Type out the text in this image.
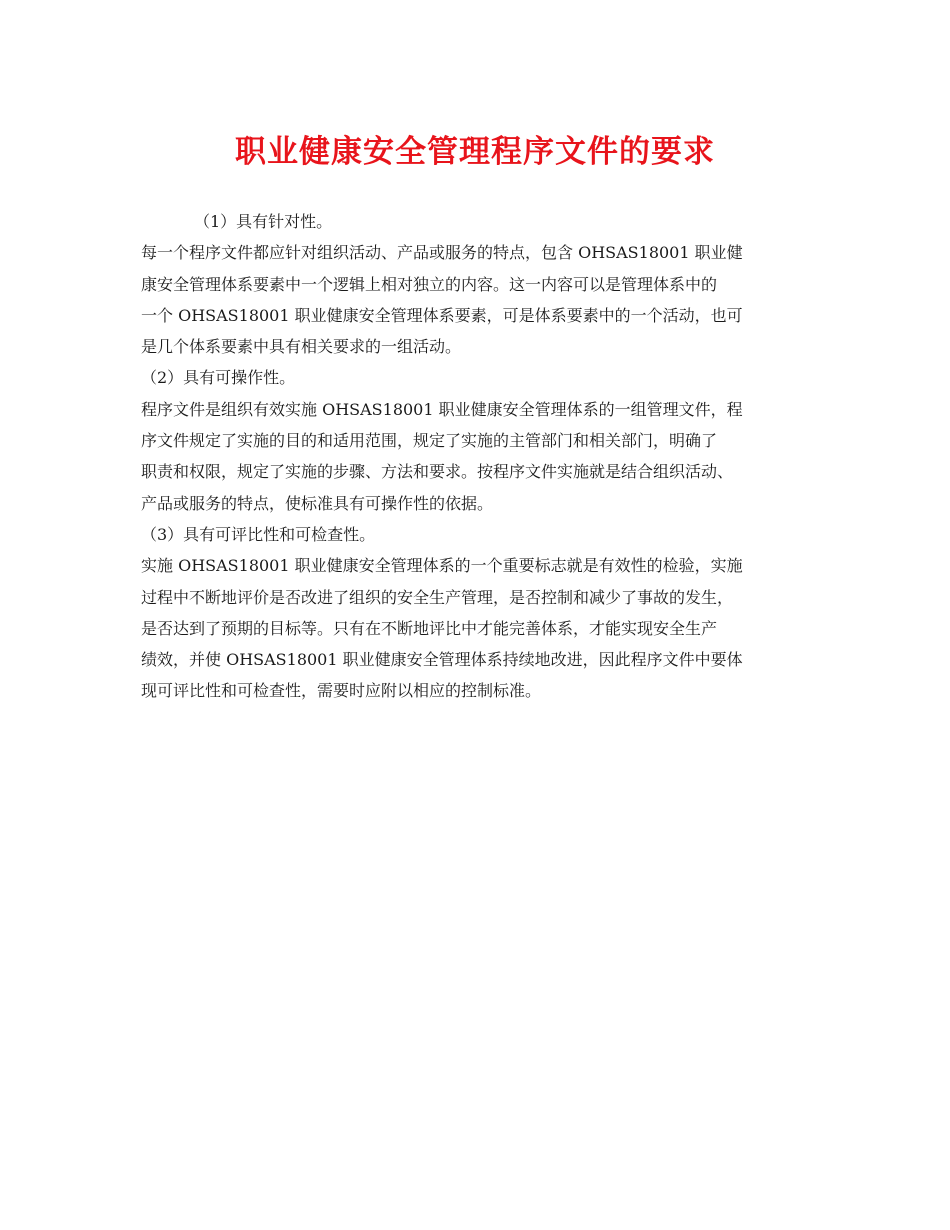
职业健康安全管理程序文件的要求
（1）具有针对性。
每一个程序文件都应针对组织活动、产品或服务的特点，包含 OHSAS18001 职业健
康安全管理体系要素中一个逻辑上相对独立的内容。这一内容可以是管理体系中的
一个 OHSAS18001 职业健康安全管理体系要素，可是体系要素中的一个活动，也可
是几个体系要素中具有相关要求的一组活动。
（2）具有可操作性。
程序文件是组织有效实施 OHSAS18001 职业健康安全管理体系的一组管理文件，程
序文件规定了实施的目的和适用范围，规定了实施的主管部门和相关部门，明确了
职责和权限，规定了实施的步骤、方法和要求。按程序文件实施就是结合组织活动、
产品或服务的特点，使标准具有可操作性的依据。
（3）具有可评比性和可检查性。
实施 OHSAS18001 职业健康安全管理体系的一个重要标志就是有效性的检验，实施
过程中不断地评价是否改进了组织的安全生产管理，是否控制和减少了事故的发生，
是否达到了预期的目标等。只有在不断地评比中才能完善体系，才能实现安全生产
绩效，并使 OHSAS18001 职业健康安全管理体系持续地改进，因此程序文件中要体
现可评比性和可检查性，需要时应附以相应的控制标准。
